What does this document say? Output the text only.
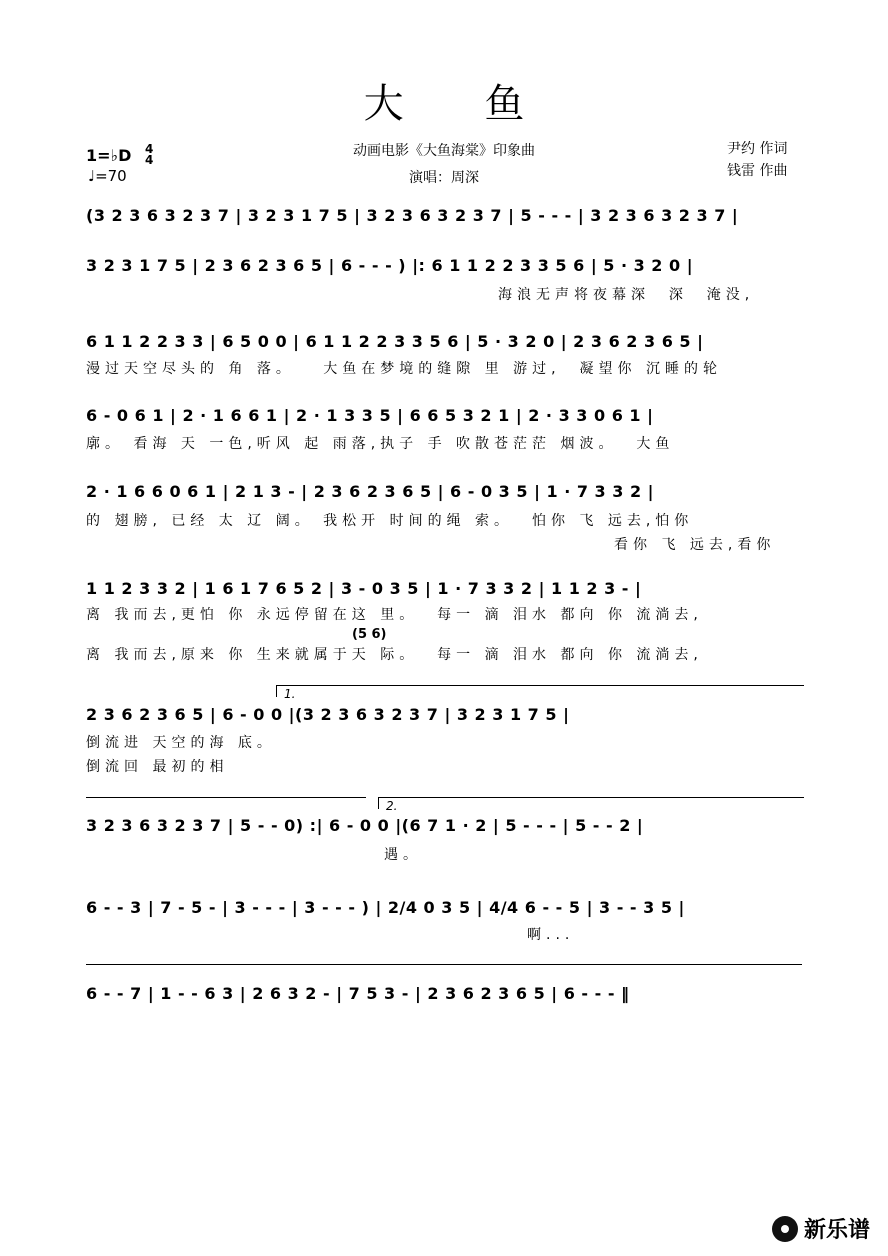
大 鱼
动画电影《大鱼海棠》印象曲
演唱：周深
1=♭D 4
4
♩=70
尹约 作词
钱雷 作曲
(3 2 3 6 3 2 3 7 | 3 2 3 1 7 5 | 3 2 3 6 3 2 3 7 | 5 - - - | 3 2 3 6 3 2 3 7 |
3 2 3 1 7 5 | 2 3 6 2 3 6 5 | 6 - - - ) |: 6 1 1 2 2 3 3 5 6 | 5 · 3 2 0 |
海浪无声将夜幕深  深  淹没,
6 1 1 2 2 3 3 | 6 5 0 0 | 6 1 1 2 2 3 3 5 6 | 5 · 3 2 0 | 2 3 6 2 3 6 5 |
漫过天空尽头的 角 落。   大鱼在梦境的缝隙 里 游过,  凝望你 沉睡的轮
6 - 0 6 1 | 2 · 1 6 6 1 | 2 · 1 3 3 5 | 6 6 5 3 2 1 | 2 · 3 3 0 6 1 |
廓。 看海 天 一色,听风 起 雨落,执子 手 吹散苍茫茫 烟波。  大鱼
2 · 1 6 6 0 6 1 | 2 1 3 - | 2 3 6 2 3 6 5 | 6 - 0 3 5 | 1 · 7 3 3 2 |
的 翅膀, 已经 太 辽 阔。 我松开 时间的绳 索。  怕你 飞 远去,怕你
看你 飞 远去,看你
1 1 2 3 3 2 | 1 6 1 7 6 5 2 | 3 - 0 3 5 | 1 · 7 3 3 2 | 1 1 2 3 - |
离 我而去,更怕 你 永远停留在这 里。  每一 滴 泪水 都向 你 流淌去,
(5 6)
离 我而去,原来 你 生来就属于天 际。  每一 滴 泪水 都向 你 流淌去,
1.
2 3 6 2 3 6 5 | 6 - 0 0 |(3 2 3 6 3 2 3 7 | 3 2 3 1 7 5 |
倒流进 天空的海 底。
倒流回 最初的相
2.
3 2 3 6 3 2 3 7 | 5 - - 0) :| 6 - 0 0 |(6 7 1 · 2 | 5 - - - | 5 - - 2 |
遇。
6 - - 3 | 7 - 5 - | 3 - - - | 3 - - - ) | 2/4 0 3 5 | 4/4 6 - - 5 | 3 - - 3 5 |
啊...
6 - - 7 | 1 - - 6 3 | 2 6 3 2 - | 7 5 3 - | 2 3 6 2 3 6 5 | 6 - - - ‖
新乐谱
